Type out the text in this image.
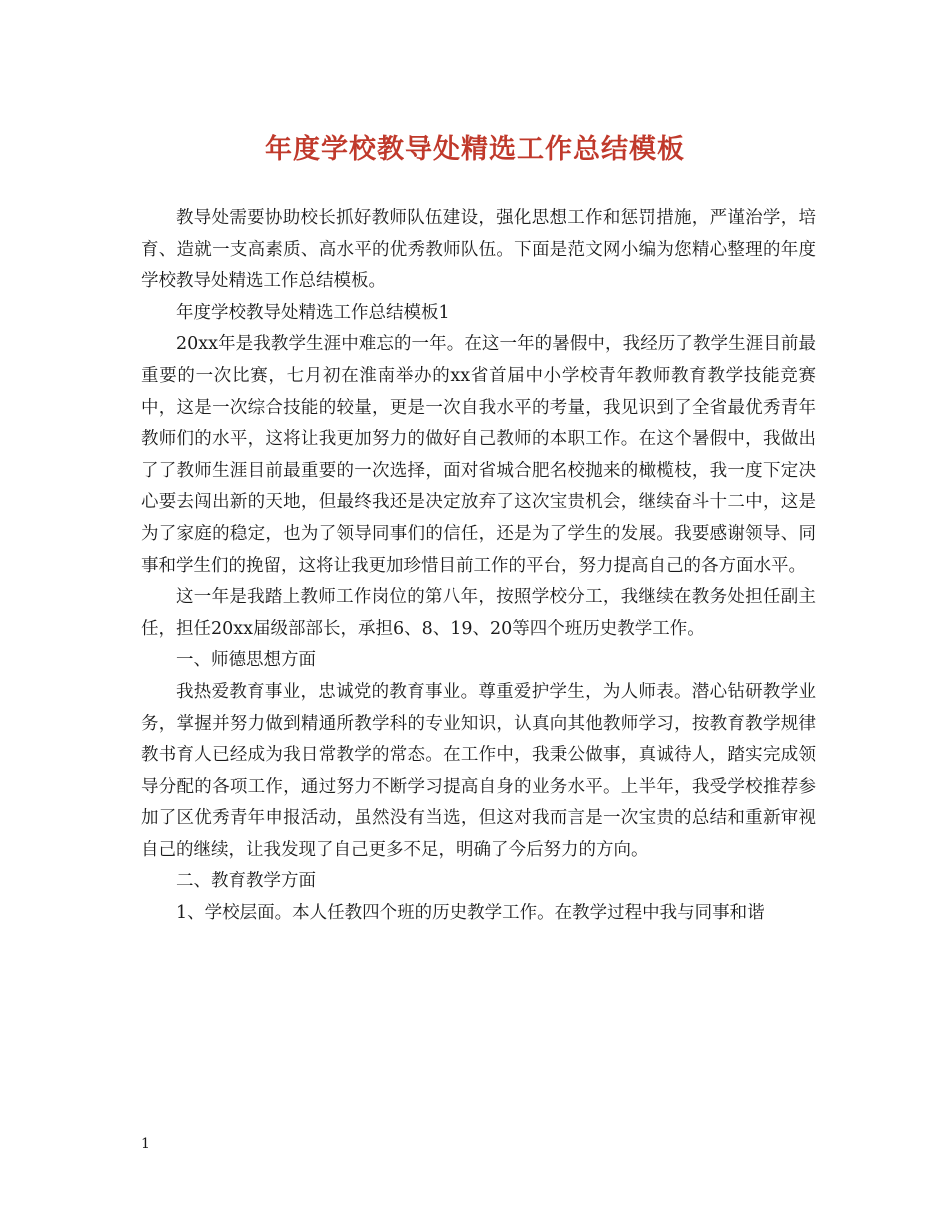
年度学校教导处精选工作总结模板

教导处需要协助校长抓好教师队伍建设，强化思想工作和惩罚措施，严谨治学，培育、造就一支高素质、高水平的优秀教师队伍。下面是范文网小编为您精心整理的年度学校教导处精选工作总结模板。

年度学校教导处精选工作总结模板1

20xx年是我教学生涯中难忘的一年。在这一年的暑假中，我经历了教学生涯目前最重要的一次比赛，七月初在淮南举办的xx省首届中小学校青年教师教育教学技能竞赛中，这是一次综合技能的较量，更是一次自我水平的考量，我见识到了全省最优秀青年教师们的水平，这将让我更加努力的做好自己教师的本职工作。在这个暑假中，我做出了了教师生涯目前最重要的一次选择，面对省城合肥名校抛来的橄榄枝，我一度下定决心要去闯出新的天地，但最终我还是决定放弃了这次宝贵机会，继续奋斗十二中，这是为了家庭的稳定，也为了领导同事们的信任，还是为了学生的发展。我要感谢领导、同事和学生们的挽留，这将让我更加珍惜目前工作的平台，努力提高自己的各方面水平。

这一年是我踏上教师工作岗位的第八年，按照学校分工，我继续在教务处担任副主任，担任20xx届级部部长，承担6、8、19、20等四个班历史教学工作。

一、师德思想方面

我热爱教育事业，忠诚党的教育事业。尊重爱护学生，为人师表。潜心钻研教学业务，掌握并努力做到精通所教学科的专业知识，认真向其他教师学习，按教育教学规律教书育人已经成为我日常教学的常态。在工作中，我秉公做事，真诚待人，踏实完成领导分配的各项工作，通过努力不断学习提高自身的业务水平。上半年，我受学校推荐参加了区优秀青年申报活动，虽然没有当选，但这对我而言是一次宝贵的总结和重新审视自己的继续，让我发现了自己更多不足，明确了今后努力的方向。

二、教育教学方面

1、学校层面。本人任教四个班的历史教学工作。在教学过程中我与同事和谐

1
